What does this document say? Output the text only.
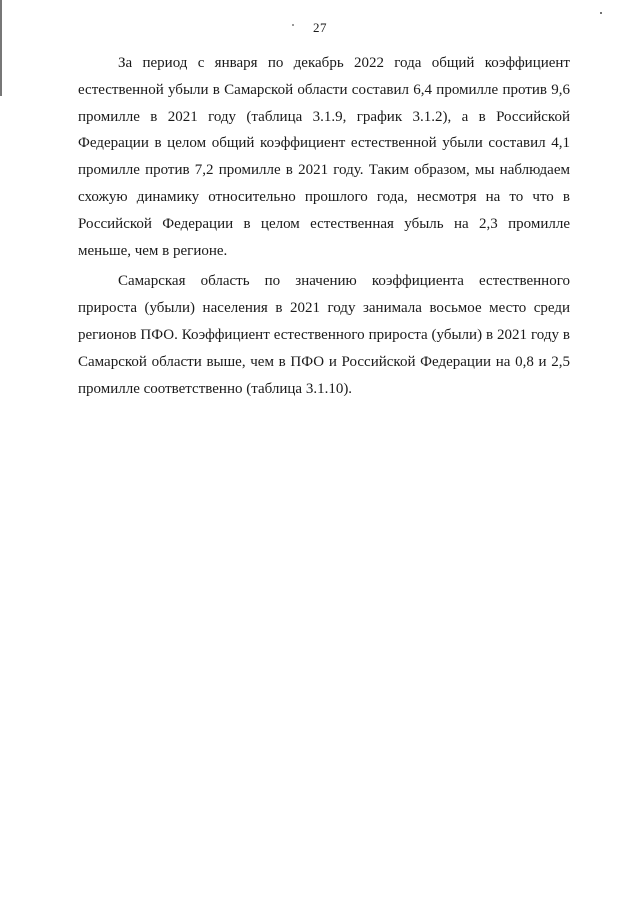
27

За период с января по декабрь 2022 года общий коэффициент естественной убыли в Самарской области составил 6,4 промилле против 9,6 промилле в 2021 году (таблица 3.1.9, график 3.1.2), а в Российской Федерации в целом общий коэффициент естественной убыли составил 4,1 промилле против 7,2 промилле в 2021 году. Таким образом, мы наблюдаем схожую динамику относительно прошлого года, несмотря на то что в Российской Федерации в целом естественная убыль на 2,3 промилле меньше, чем в регионе.

Самарская область по значению коэффициента естественного прироста (убыли) населения в 2021 году занимала восьмое место среди регионов ПФО. Коэффициент естественного прироста (убыли) в 2021 году в Самарской области выше, чем в ПФО и Российской Федерации на 0,8 и 2,5 промилле соответственно (таблица 3.1.10).
